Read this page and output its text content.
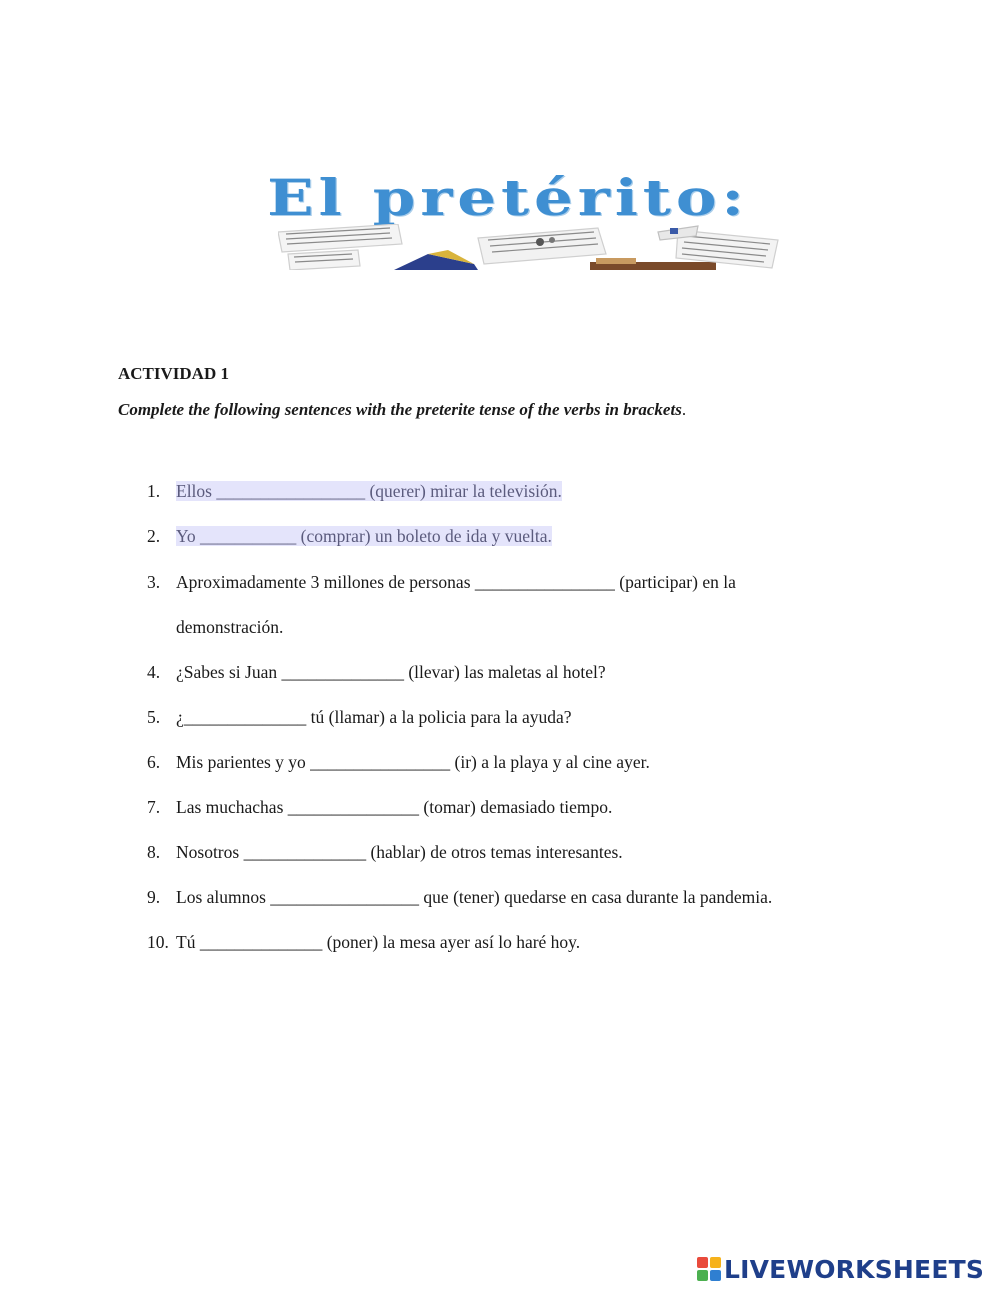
El pretérito:
ACTIVIDAD 1
Complete the following sentences with the preterite tense of the verbs in brackets.
1. Ellos _________________ (querer) mirar la televisión.
2. Yo ___________ (comprar) un boleto de ida y vuelta.
3. Aproximadamente 3 millones de personas ________________ (participar) en la
demonstración.
4. ¿Sabes si Juan ______________ (llevar) las maletas al hotel?
5. ¿______________ tú (llamar) a la policia para la ayuda?
6. Mis parientes y yo ________________ (ir) a la playa y al cine ayer.
7. Las muchachas _______________ (tomar) demasiado tiempo.
8. Nosotros ______________ (hablar) de otros temas interesantes.
9. Los alumnos _________________ que (tener) quedarse en casa durante la pandemia.
10. Tú ______________ (poner) la mesa ayer así lo haré hoy.
LIVEWORKSHEETS
